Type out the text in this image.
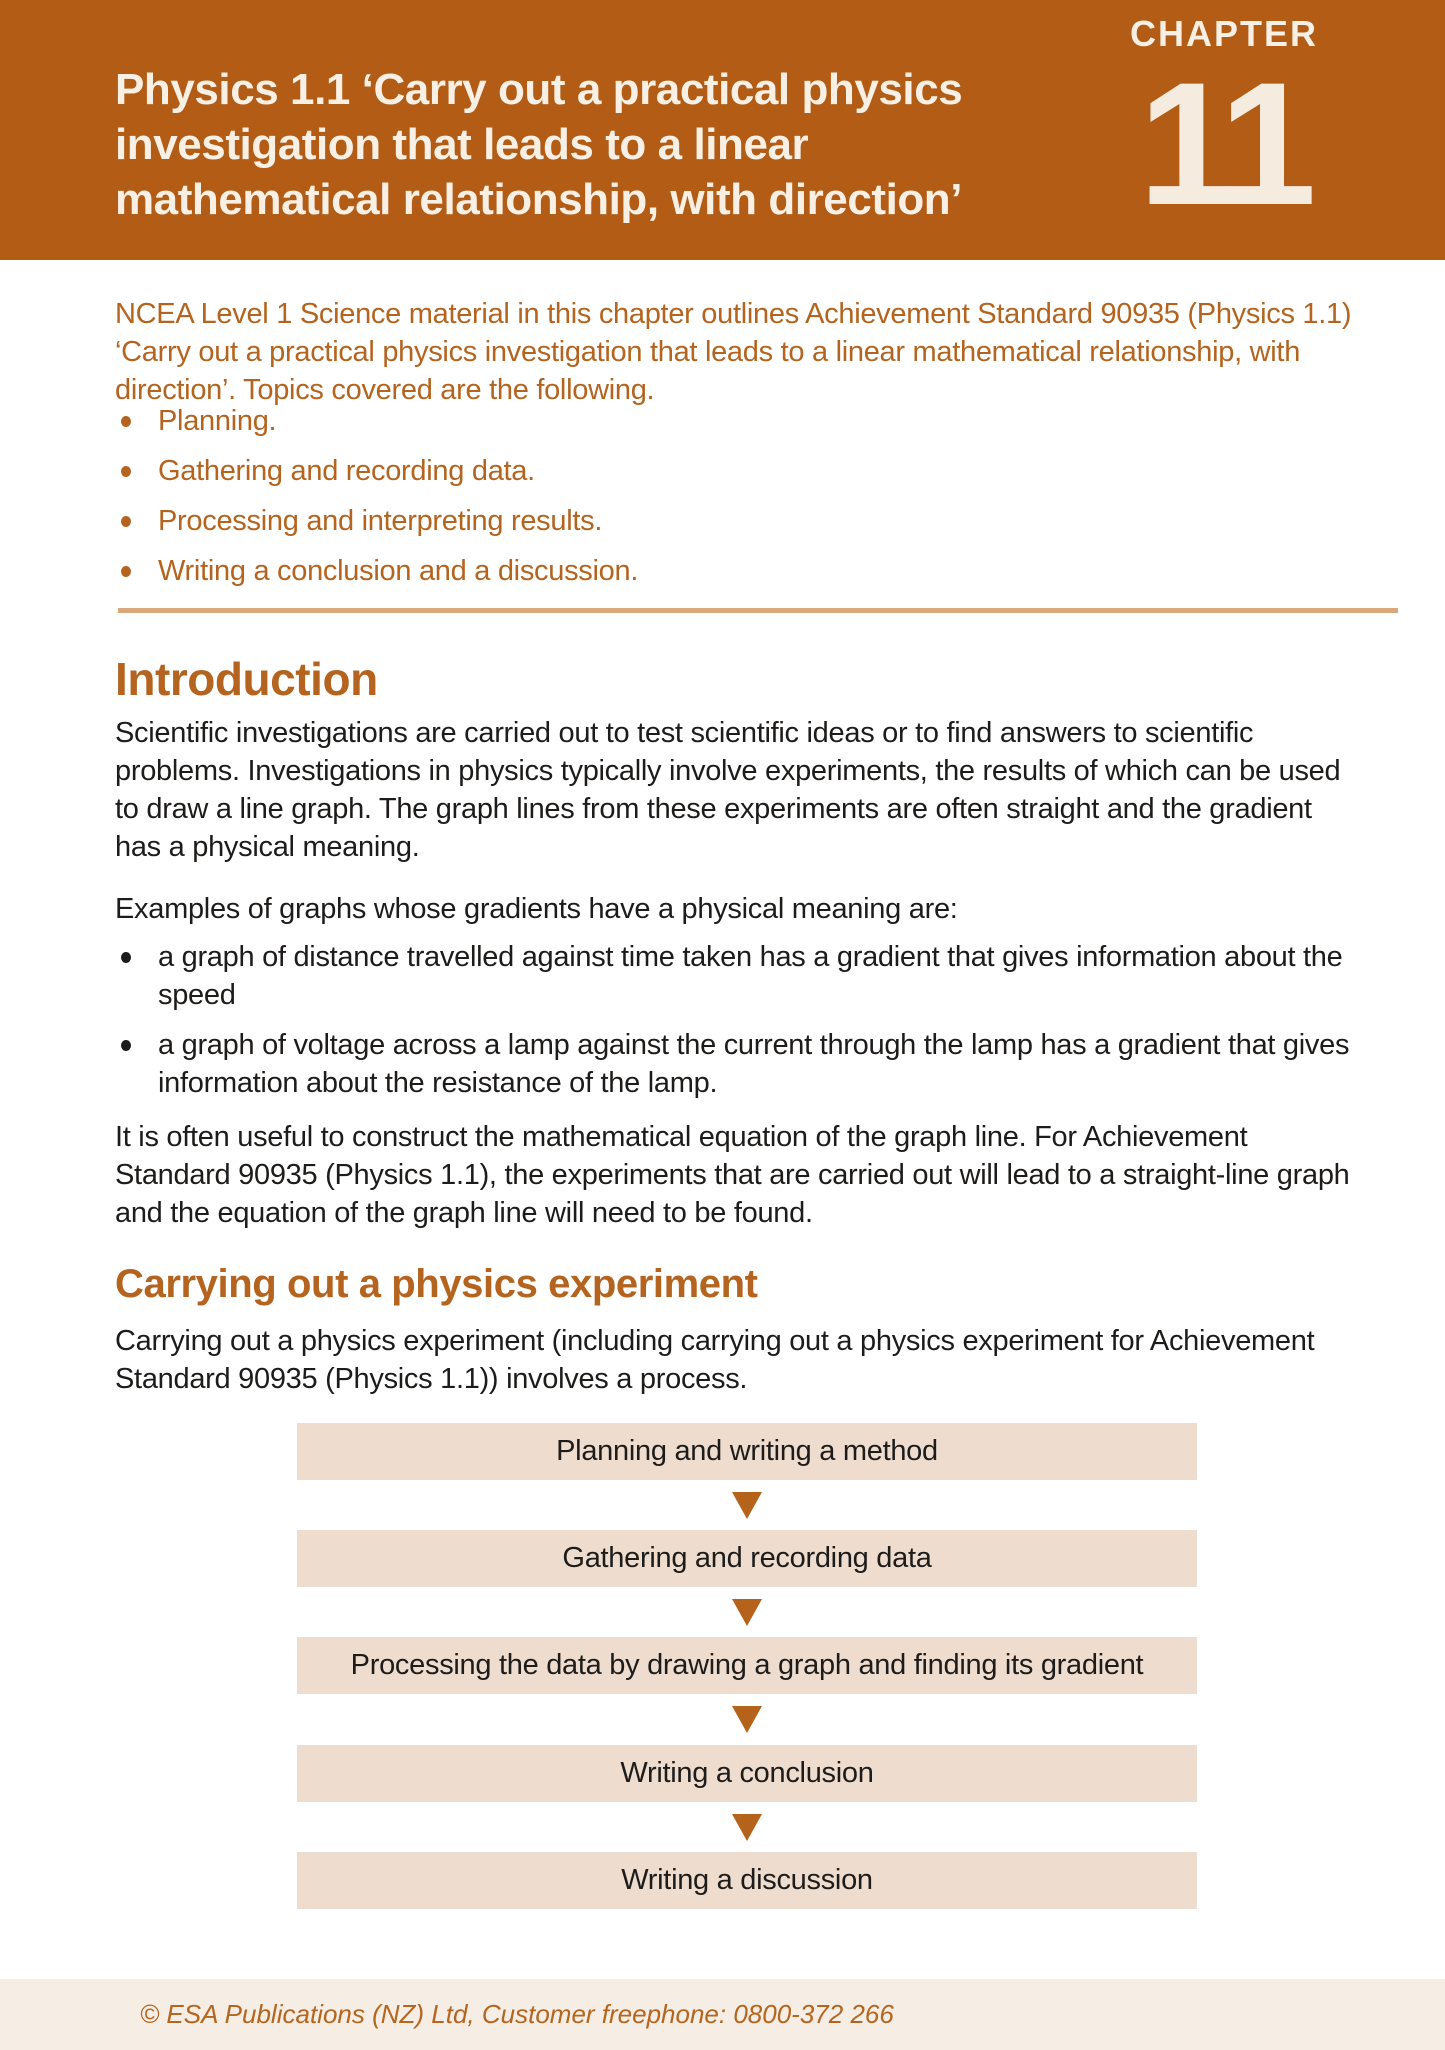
Physics 1.1 ‘Carry out a practical physics
investigation that leads to a linear
mathematical relationship, with direction’
CHAPTER
11

NCEA Level 1 Science material in this chapter outlines Achievement Standard 90935 (Physics 1.1) ‘Carry out a practical physics investigation that leads to a linear mathematical relationship, with direction’. Topics covered are the following.

Planning.
Gathering and recording data.
Processing and interpreting results.
Writing a conclusion and a discussion.
Introduction

Scientific investigations are carried out to test scientific ideas or to find answers to scientific problems. Investigations in physics typically involve experiments, the results of which can be used to draw a line graph. The graph lines from these experiments are often straight and the gradient has a physical meaning.

Examples of graphs whose gradients have a physical meaning are:

a graph of distance travelled against time taken has a gradient that gives information about the speed
a graph of voltage across a lamp against the current through the lamp has a gradient that gives information about the resistance of the lamp.

It is often useful to construct the mathematical equation of the graph line. For Achievement Standard 90935 (Physics 1.1), the experiments that are carried out will lead to a straight-line graph and the equation of the graph line will need to be found.

Carrying out a physics experiment

Carrying out a physics experiment (including carrying out a physics experiment for Achievement Standard 90935 (Physics 1.1)) involves a process.

Planning and writing a method
Gathering and recording data
Processing the data by drawing a graph and finding its gradient
Writing a conclusion
Writing a discussion
© ESA Publications (NZ) Ltd, Customer freephone: 0800-372 266
